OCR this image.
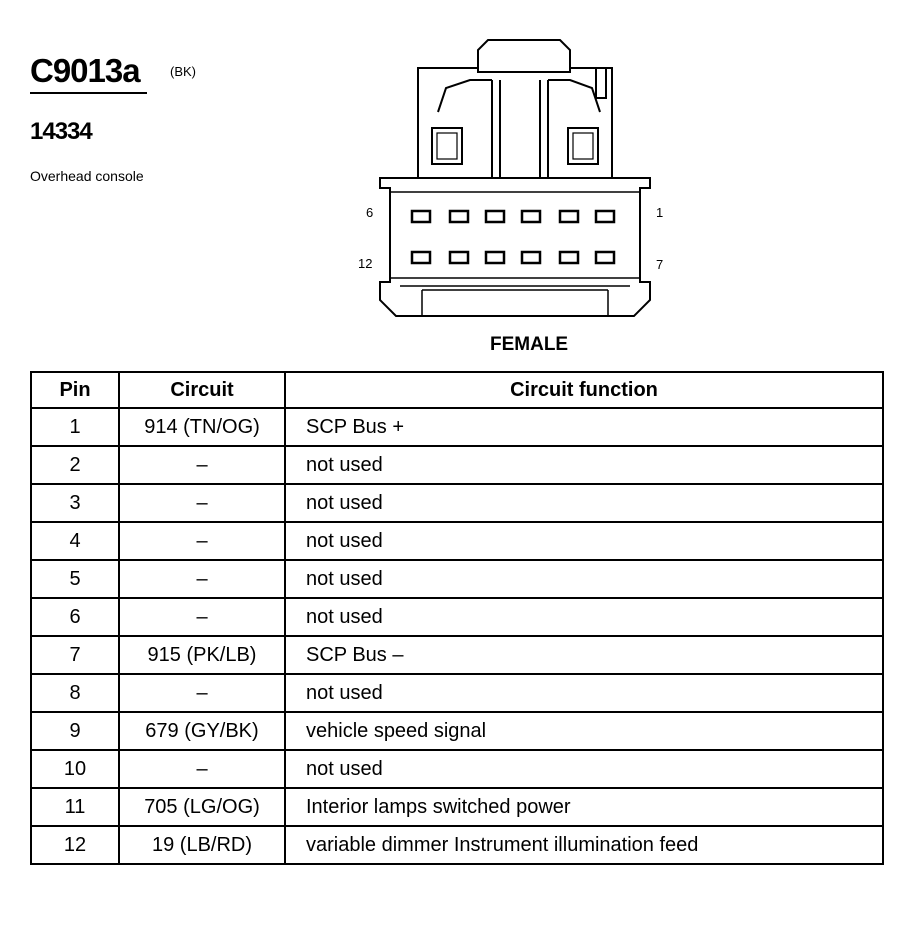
C9013a (BK)
14334
Overhead console
6	1
12	7
FEMALE
Pin	Circuit	Circuit function
1	914 (TN/OG)	SCP Bus +
2	–	not used
3	–	not used
4	–	not used
5	–	not used
6	–	not used
7	915 (PK/LB)	SCP Bus –
8	–	not used
9	679 (GY/BK)	vehicle speed signal
10	–	not used
11	705 (LG/OG)	Interior lamps switched power
12	19 (LB/RD)	variable dimmer Instrument illumination feed
